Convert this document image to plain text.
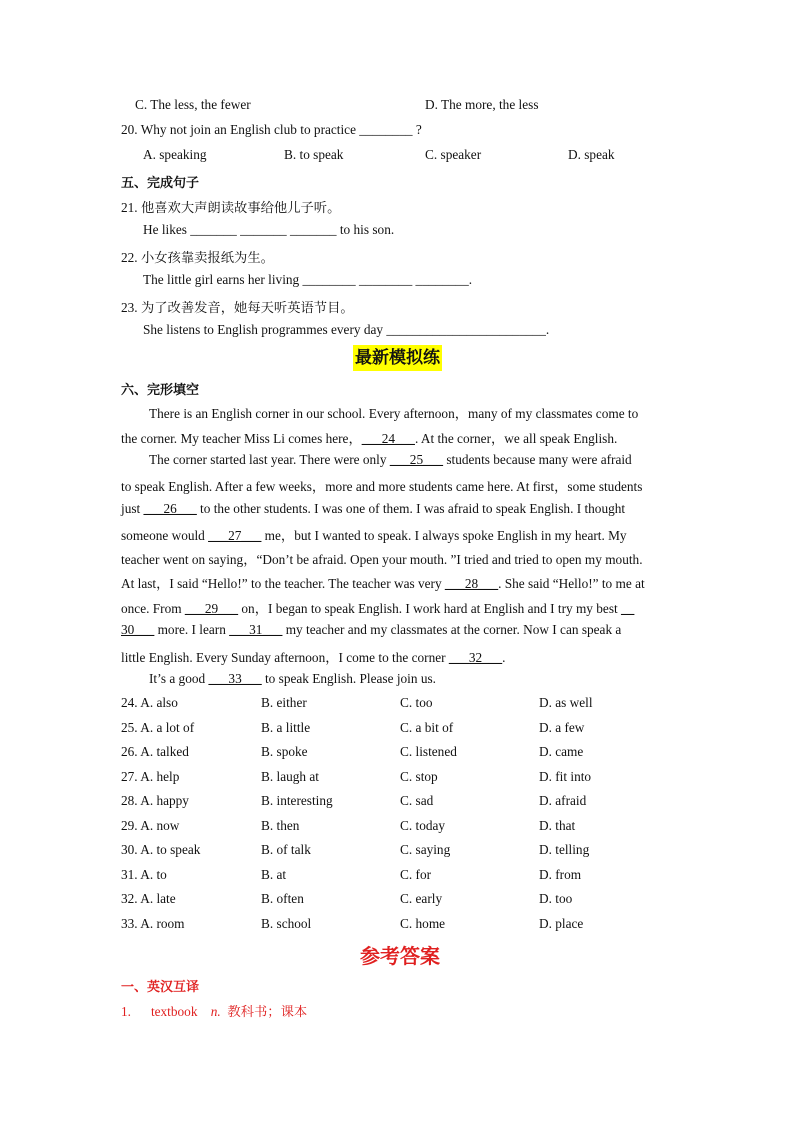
C. The less, the fewer	D. The more, the less
20. Why not join an English club to practice ________ ?
A. speaking	B. to speak	C. speaker	D. speak
五、完成句子
21. 他喜欢大声朗读故事给他儿子听。
He likes _______ _______ _______ to his son.
22. 小女孩靠卖报纸为生。
The little girl earns her living ________ ________ ________.
23. 为了改善发音，她每天听英语节目。
She listens to English programmes every day ________________________.
最新模拟练
六、完形填空
There is an English corner in our school. Every afternoon，many of my classmates come to
the corner. My teacher Miss Li comes here，___24___. At the corner，we all speak English.
The corner started last year. There were only ___25___ students because many were afraid
to speak English. After a few weeks，more and more students came here. At first，some students
just ___26___ to the other students. I was one of them. I was afraid to speak English. I thought
someone would ___27___ me，but I wanted to speak. I always spoke English in my heart. My
teacher went on saying，“Don’t be afraid. Open your mouth. ”I tried and tried to open my mouth.
At last，I said “Hello!” to the teacher. The teacher was very ___28___. She said “Hello!” to me at
once. From ___29___ on，I began to speak English. I work hard at English and I try my best __
30___ more. I learn ___31___ my teacher and my classmates at the corner. Now I can speak a
little English. Every Sunday afternoon，I come to the corner ___32___.
It’s a good ___33___ to speak English. Please join us.
24. A. also	B. either	C. too	D. as well
25. A. a lot of	B. a little	C. a bit of	D. a few
26. A. talked	B. spoke	C. listened	D. came
27. A. help	B. laugh at	C. stop	D. fit into
28. A. happy	B. interesting	C. sad	D. afraid
29. A. now	B. then	C. today	D. that
30. A. to speak	B. of talk	C. saying	D. telling
31. A. to	B. at	C. for	D. from
32. A. late	B. often	C. early	D. too
33. A. room	B. school	C. home	D. place
参考答案
一、英汉互译
1. textbook n. 教科书；课本
